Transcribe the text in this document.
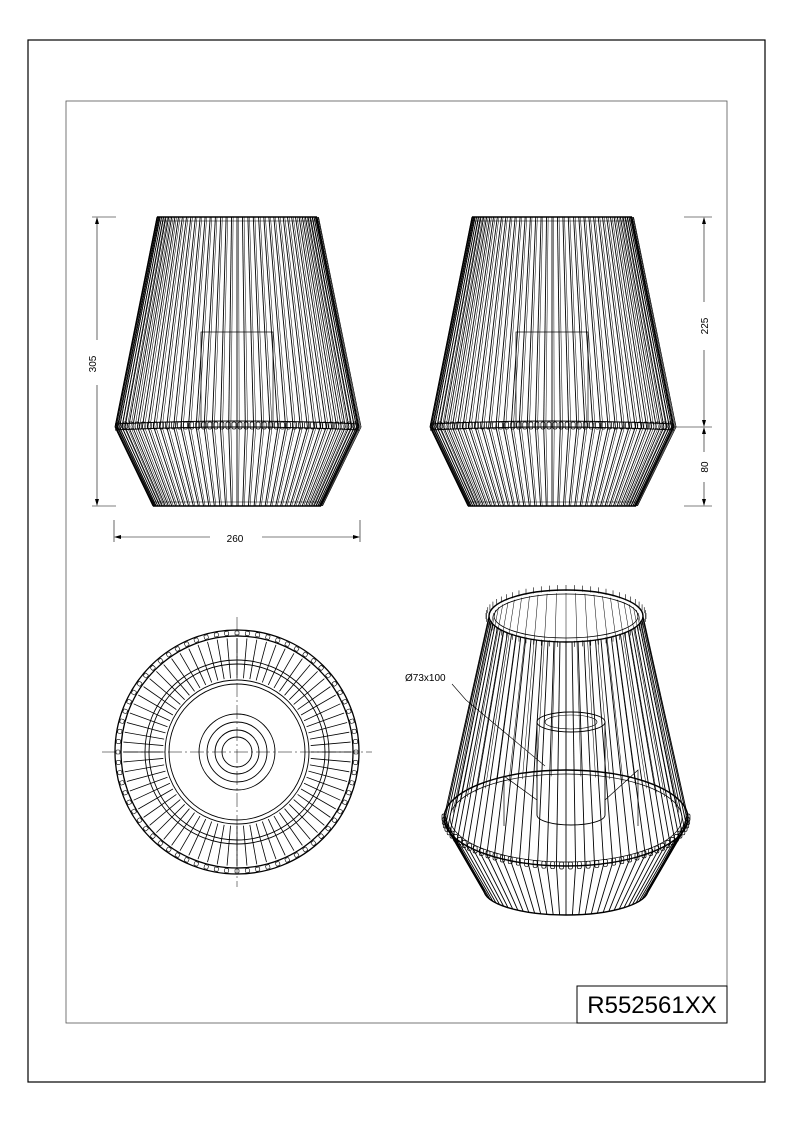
305
260
225
80
Ø73x100
R552561XX
